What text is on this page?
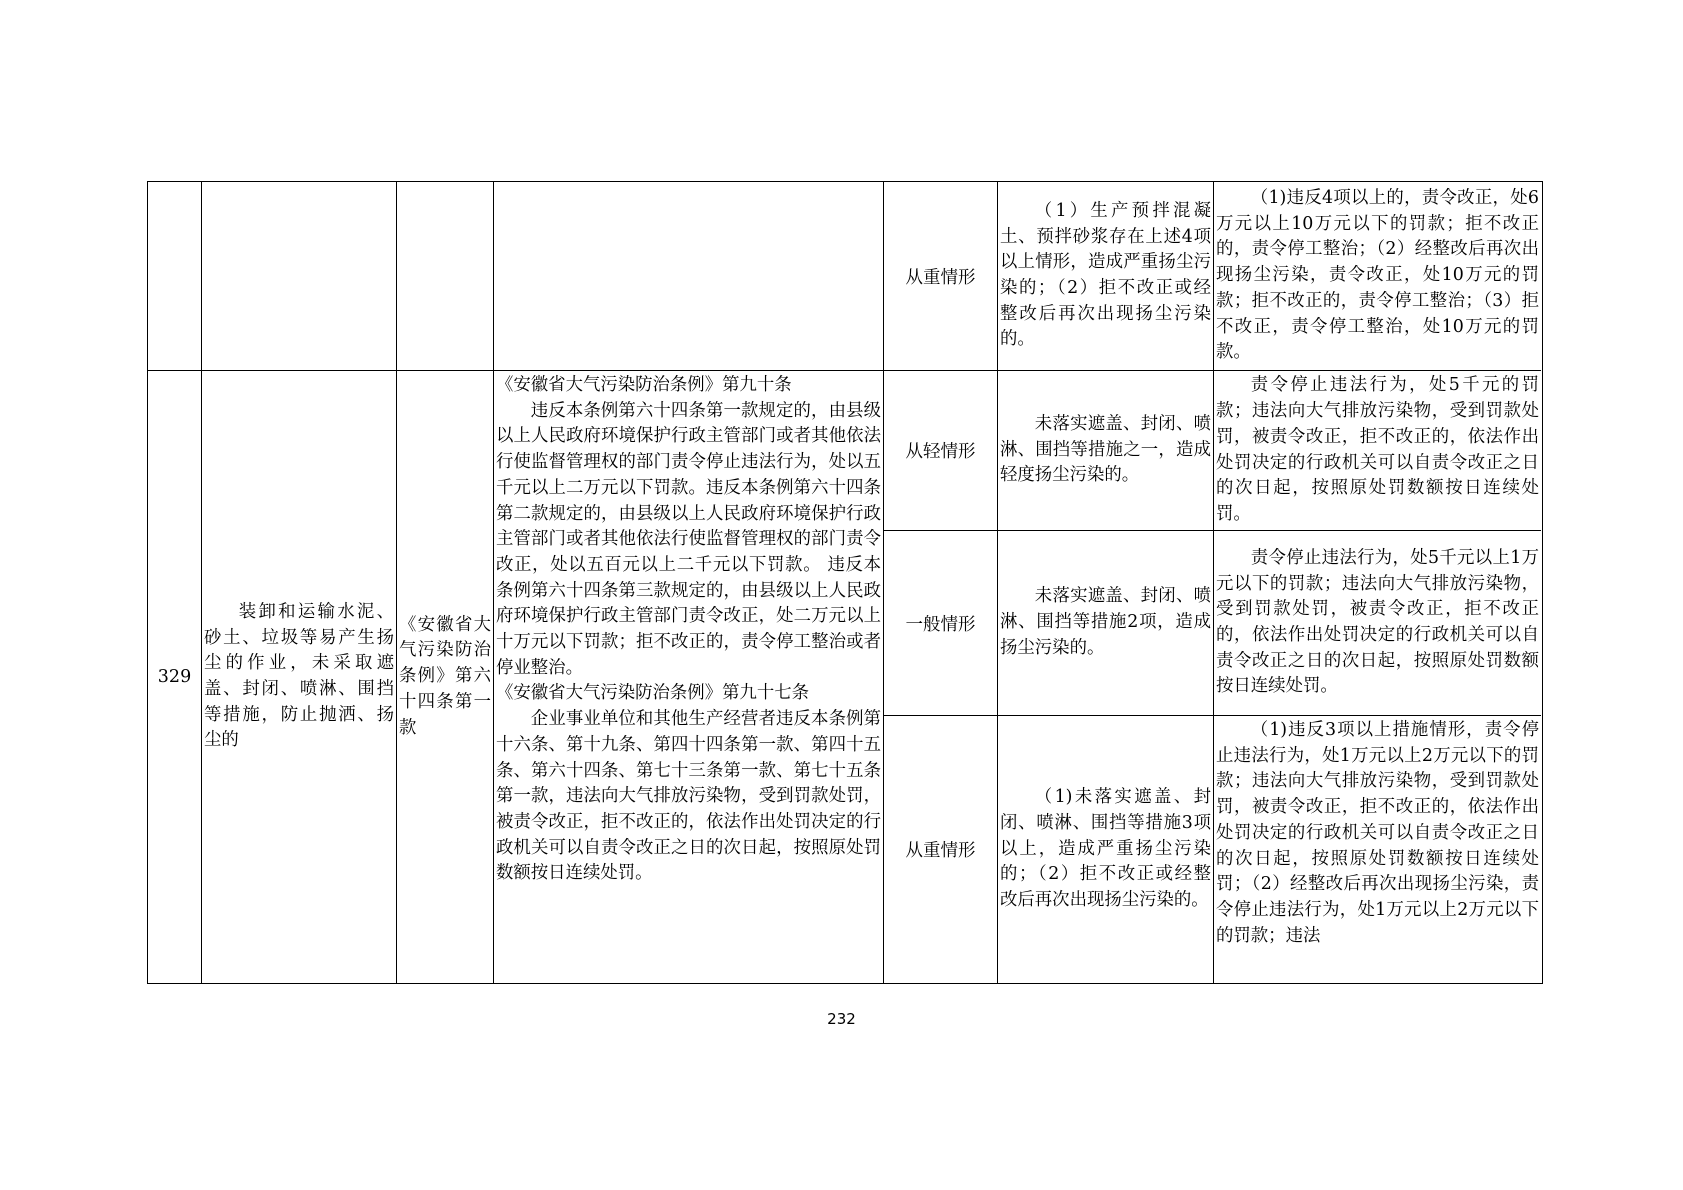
从重情形
（1）生产预拌混凝土、预拌砂浆存在上述4项以上情形，造成严重扬尘污染的；（2）拒不改正或经整改后再次出现扬尘污染的。
（1)违反4项以上的，责令改正，处6万元以上10万元以下的罚款；拒不改正的，责令停工整治；（2）经整改后再次出现扬尘污染，责令改正，处10万元的罚款；拒不改正的，责令停工整治；（3）拒不改正，责令停工整治，处10万元的罚款。
329
装卸和运输水泥、砂土、垃圾等易产生扬尘的作业，未采取遮盖、封闭、喷淋、围挡等措施，防止抛洒、扬尘的
《安徽省大气污染防治条例》第六十四条第一款
《安徽省大气污染防治条例》第九十条
违反本条例第六十四条第一款规定的，由县级以上人民政府环境保护行政主管部门或者其他依法行使监督管理权的部门责令停止违法行为，处以五千元以上二万元以下罚款。违反本条例第六十四条第二款规定的，由县级以上人民政府环境保护行政主管部门或者其他依法行使监督管理权的部门责令改正，处以五百元以上二千元以下罚款。 违反本条例第六十四条第三款规定的，由县级以上人民政府环境保护行政主管部门责令改正，处二万元以上十万元以下罚款；拒不改正的，责令停工整治或者停业整治。
《安徽省大气污染防治条例》第九十七条
企业事业单位和其他生产经营者违反本条例第十六条、第十九条、第四十四条第一款、第四十五条、第六十四条、第七十三条第一款、第七十五条第一款，违法向大气排放污染物，受到罚款处罚，被责令改正，拒不改正的，依法作出处罚决定的行政机关可以自责令改正之日的次日起，按照原处罚数额按日连续处罚。
从轻情形
未落实遮盖、封闭、喷淋、围挡等措施之一，造成轻度扬尘污染的。
责令停止违法行为，处5千元的罚款；违法向大气排放污染物，受到罚款处罚，被责令改正，拒不改正的，依法作出处罚决定的行政机关可以自责令改正之日的次日起，按照原处罚数额按日连续处罚。
一般情形
未落实遮盖、封闭、喷淋、围挡等措施2项，造成扬尘污染的。
责令停止违法行为，处5千元以上1万元以下的罚款；违法向大气排放污染物，受到罚款处罚，被责令改正，拒不改正的，依法作出处罚决定的行政机关可以自责令改正之日的次日起，按照原处罚数额按日连续处罚。
从重情形
（1)未落实遮盖、封闭、喷淋、围挡等措施3项以上，造成严重扬尘污染的；（2）拒不改正或经整改后再次出现扬尘污染的。
（1)违反3项以上措施情形，责令停止违法行为，处1万元以上2万元以下的罚款；违法向大气排放污染物，受到罚款处罚，被责令改正，拒不改正的，依法作出处罚决定的行政机关可以自责令改正之日的次日起，按照原处罚数额按日连续处罚；（2）经整改后再次出现扬尘污染，责令停止违法行为，处1万元以上2万元以下的罚款；违法
232
